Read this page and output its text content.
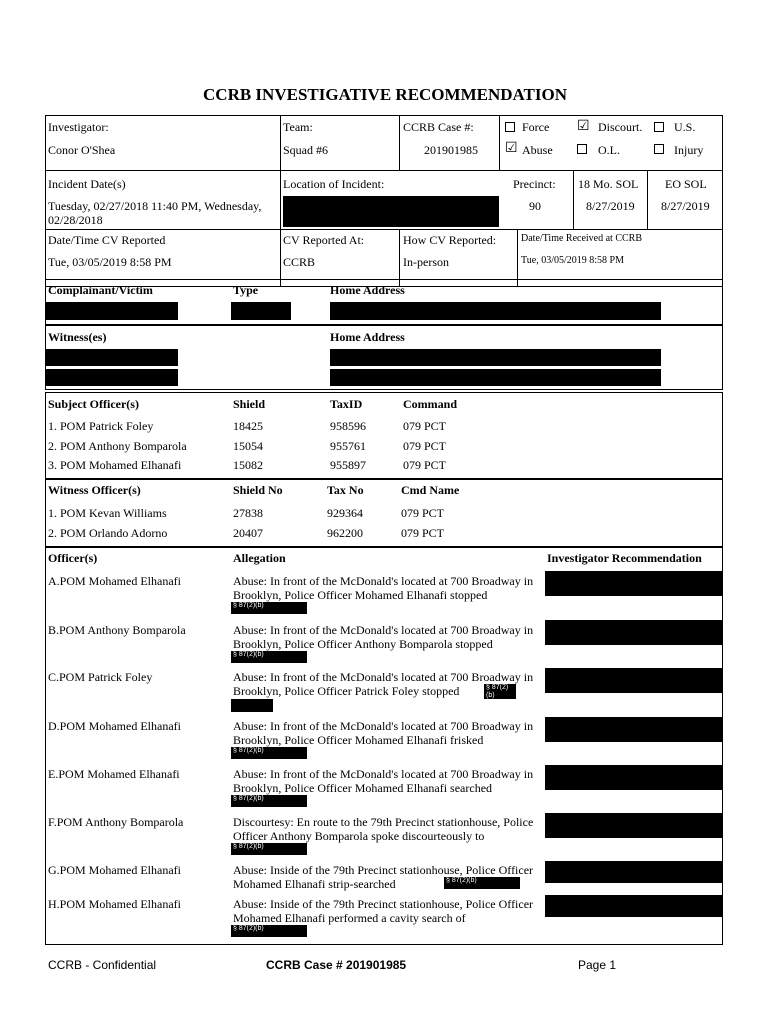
CCRB INVESTIGATIVE RECOMMENDATION
Investigator:
Conor O'Shea
Team:
Squad #6
CCRB Case #:
201901985
Force ☑ Discourt.	U.S.
☑ Abuse	O.L.	Injury
Incident Date(s)
Tuesday, 02/27/2018 11:40 PM, Wednesday, 02/28/2018
Location of Incident:	Precinct:
90
18 Mo. SOL
8/27/2019
EO SOL
8/27/2019
Date/Time CV Reported
Tue, 03/05/2019 8:58 PM
CV Reported At:
CCRB
How CV Reported:
In-person
Date/Time Received at CCRB
Tue, 03/05/2019 8:58 PM
Complainant/Victim	Type	Home Address
Witness(es)	Home Address
Subject Officer(s)	Shield	TaxID	Command
1. POM Patrick Foley	18425	958596	079 PCT
2. POM Anthony Bomparola	15054	955761	079 PCT
3. POM Mohamed Elhanafi	15082	955897	079 PCT
Witness Officer(s)	Shield No	Tax No	Cmd Name
1. POM Kevan Williams	27838	929364	079 PCT
2. POM Orlando Adorno	20407	962200	079 PCT
Officer(s)	Allegation	Investigator Recommendation
A.POM Mohamed Elhanafi	Abuse: In front of the McDonald's located at 700 Broadway in Brooklyn, Police Officer Mohamed Elhanafi stopped
§ 87(2)(b)
B.POM Anthony Bomparola	Abuse: In front of the McDonald's located at 700 Broadway in Brooklyn, Police Officer Anthony Bomparola stopped
§ 87(2)(b)
C.POM Patrick Foley	Abuse: In front of the McDonald's located at 700 Broadway in Brooklyn, Police Officer Patrick Foley stopped	§ 87(2)(b)
D.POM Mohamed Elhanafi	Abuse: In front of the McDonald's located at 700 Broadway in Brooklyn, Police Officer Mohamed Elhanafi frisked
§ 87(2)(b)
E.POM Mohamed Elhanafi	Abuse: In front of the McDonald's located at 700 Broadway in Brooklyn, Police Officer Mohamed Elhanafi searched
§ 87(2)(b)
F.POM Anthony Bomparola	Discourtesy: En route to the 79th Precinct stationhouse, Police Officer Anthony Bomparola spoke discourteously to
§ 87(2)(b)
G.POM Mohamed Elhanafi	Abuse: Inside of the 79th Precinct stationhouse, Police Officer Mohamed Elhanafi strip-searched	§ 87(2)(b)
H.POM Mohamed Elhanafi	Abuse: Inside of the 79th Precinct stationhouse, Police Officer Mohamed Elhanafi performed a cavity search of
§ 87(2)(b)
CCRB - Confidential	CCRB Case # 201901985	Page 1
